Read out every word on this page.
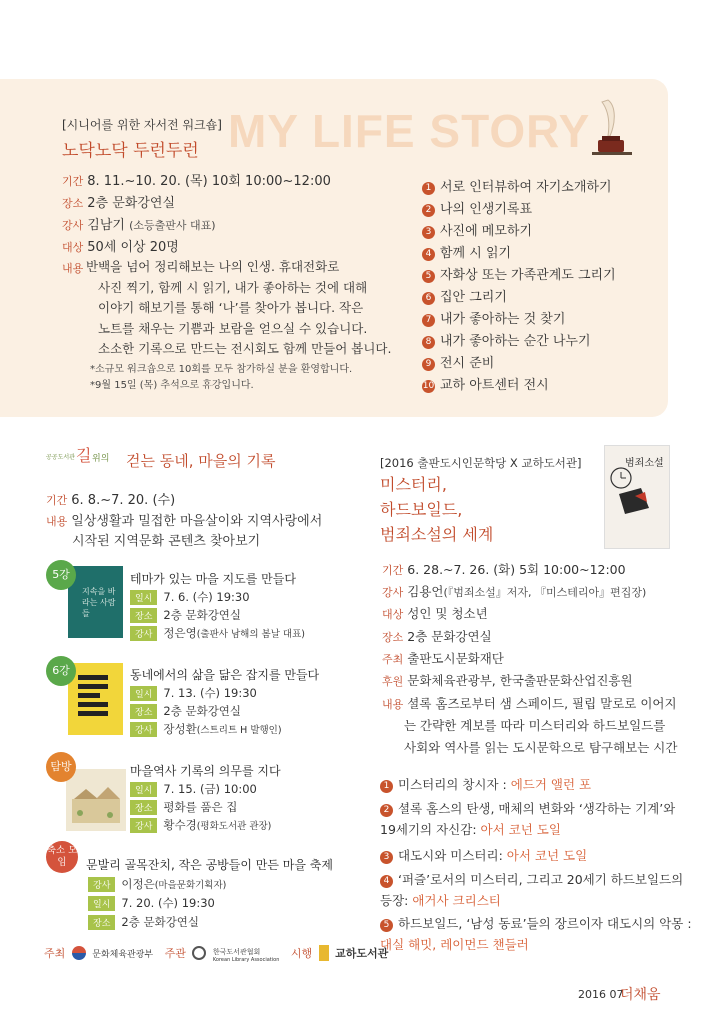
[시니어를 위한 자서전 워크숍]
노닥노닥 두런두런 MY LIFE STORY
기간 8. 11.~10. 20. (목) 10회 10:00~12:00
장소 2층 문화강연실
강사 김남기 (소등출판사 대표)
대상 50세 이상 20명
내용 반백을 넘어 정리해보는 나의 인생. 휴대전화로
사진 찍기, 함께 시 읽기, 내가 좋아하는 것에 대해
이야기 해보기를 통해 ‘나’를 찾아가 봅니다. 작은
노트를 채우는 기쁨과 보람을 얻으실 수 있습니다.
소소한 기록으로 만드는 전시회도 함께 만들어 봅니다.
*소규모 워크숍으로 10회를 모두 참가하실 분을 환영합니다.
*9월 15일 (목) 추석으로 휴강입니다.
1 서로 인터뷰하여 자기소개하기
2 나의 인생기록표
3 사진에 메모하기
4 함께 시 읽기
5 자화상 또는 가족관계도 그리기
6 집안 그리기
7 내가 좋아하는 것 찾기
8 내가 좋아하는 순간 나누기
9 전시 준비
10 교하 아트센터 전시
공공도서관 길 위의 걷는 동네, 마을의 기록
기간 6. 8.~7. 20. (수)
내용 일상생활과 밀접한 마을살이와 지역사랑에서
시작된 지역문화 콘텐츠 찾아보기
지속을 바라는 사람들
5강	테마가 있는 마을 지도를 만들다
일시 7. 6. (수) 19:30
장소 2층 문화강연실
강사 정은영(출판사 남해의 봄날 대표)
6강	동네에서의 삶을 닮은 잡지를 만들다
일시 7. 13. (수) 19:30
장소 2층 문화강연실
강사 장성환(스트리트 H 발행인)
탐방	마을역사 기록의 의무를 지다
일시 7. 15. (금) 10:00
장소 평화를 품은 집
강사 황수경(평화도서관 관장)
축소 모임	문발리 골목잔치, 작은 공방들이 만든 마을 축제
강사 이정은(마을문화기획자)
일시 7. 20. (수) 19:30
장소 2층 문화강연실
[2016 출판도시인문학당 X 교하도서관]
미스터리,
하드보일드,
범죄소설의 세계
범죄소설
기간 6. 28.~7. 26. (화) 5회 10:00~12:00
강사 김용언(『범죄소설』저자, 『미스테리아』편집장)
대상 성인 및 청소년
장소 2층 문화강연실
주최 출판도시문화재단
후원 문화체육관광부, 한국출판문화산업진흥원
내용 셜록 홈즈로부터 샘 스페이드, 필립 말로로 이어지
는 간략한 계보를 따라 미스터리와 하드보일드를
사회와 역사를 읽는 도시문학으로 탐구해보는 시간
1 미스터리의 창시자 : 에드거 앨런 포
2 셜록 홈스의 탄생, 매체의 변화와 ‘생각하는 기계’와 19세기의 자신감: 아서 코넌 도일
3 대도시와 미스터리: 아서 코넌 도일
4 ‘퍼즐’로서의 미스터리, 그리고 20세기 하드보일드의 등장: 애거사 크리스티
5 하드보일드, ‘남성 동료’들의 장르이자 대도시의 악몽 : 대실 해밋, 레이먼드 챈들러
주최	문화체육관광부 주관	한국도서관협회
Korean Library Association 시행 교하도서관
2016 07
더채움
